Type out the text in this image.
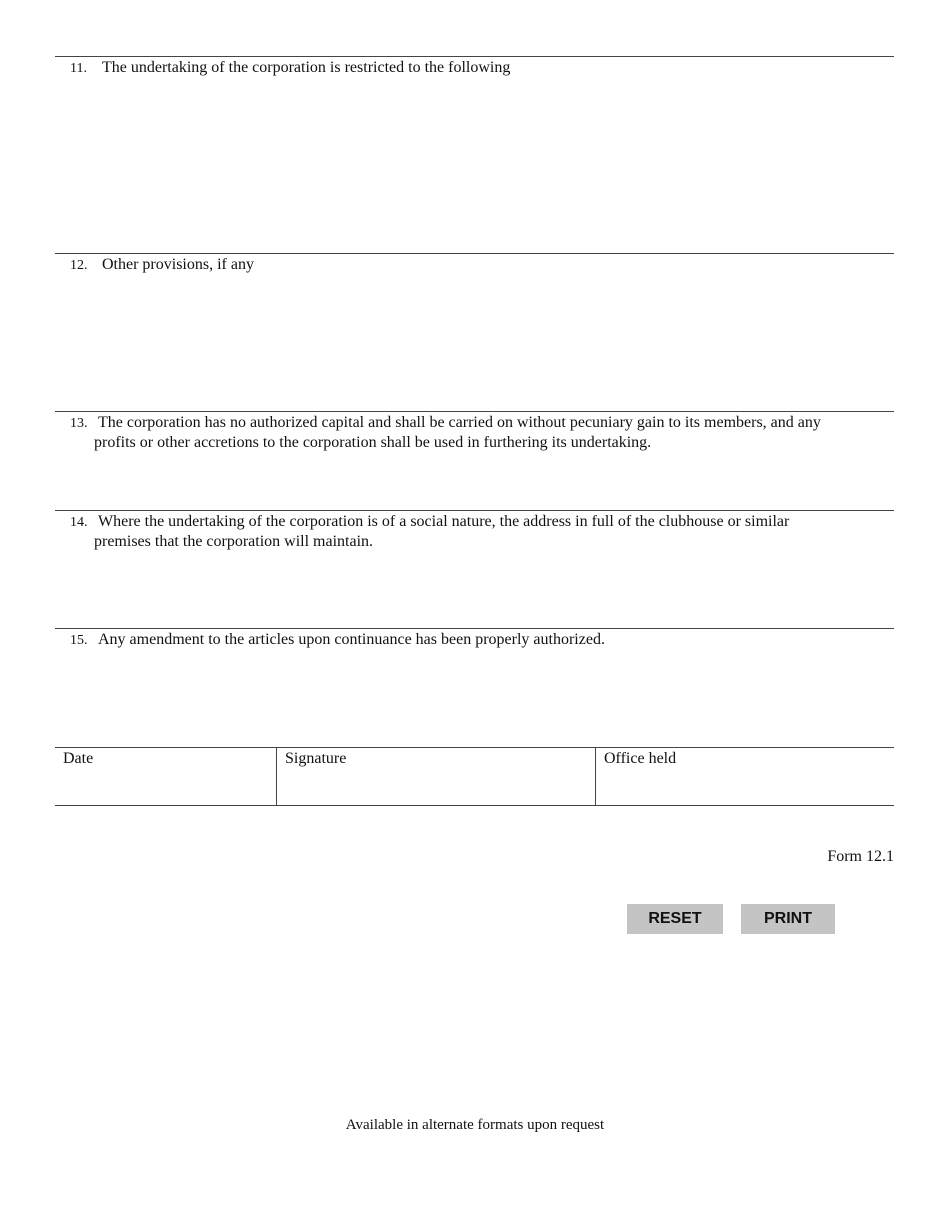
11. The undertaking of the corporation is restricted to the following
12. Other provisions, if any
13. The corporation has no authorized capital and shall be carried on without pecuniary gain to its members, and any
profits or other accretions to the corporation shall be used in furthering its undertaking.
14. Where the undertaking of the corporation is of a social nature, the address in full of the clubhouse or similar
premises that the corporation will maintain.
15. Any amendment to the articles upon continuance has been properly authorized.
Date	Signature	Office held
Form 12.1
RESET	PRINT
Available in alternate formats upon request
